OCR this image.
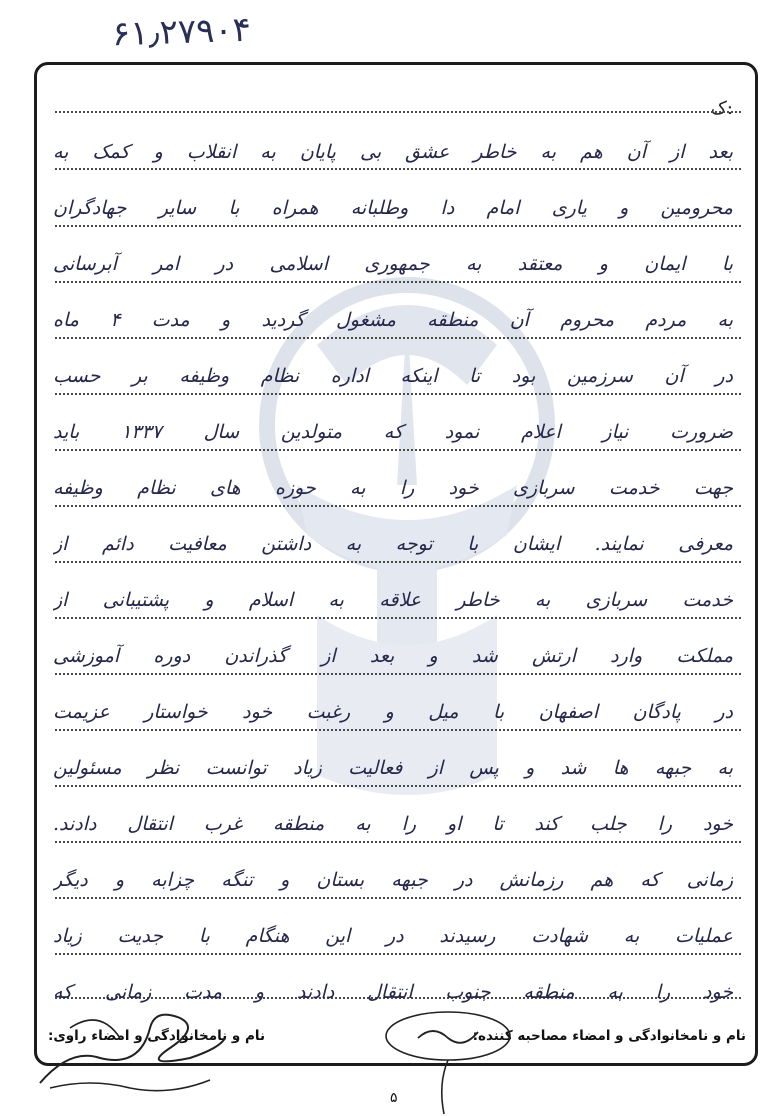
۶۱٫۲۷۹۰۴
ک:
بعد از آن هم به خاطر عشق بی پایان به انقلاب و کمک به
محرومین و یاری امام دا وطلبانه همراه با سایر جهادگران
با ایمان و معتقد به جمهوری اسلامی در امر آبرسانی
به مردم محروم آن منطقه مشغول گردید و مدت ۴ ماه
در آن سرزمین بود تا اینکه اداره نظام وظیفه بر حسب
ضرورت نیاز اعلام نمود که متولدین سال ۱۳۳۷ باید
جهت خدمت سربازی خود را به حوزه های نظام وظیفه
معرفی نمایند. ایشان با توجه به داشتن معافیت دائم از
خدمت سربازی به خاطر علاقه به اسلام و پشتیبانی از
مملکت وارد ارتش شد و بعد از گذراندن دوره آموزشی
در پادگان اصفهان با میل و رغبت خود خواستار عزیمت
به جبهه ها شد و پس از فعالیت زیاد توانست نظر مسئولین
خود را جلب کند تا او را به منطقه غرب انتقال دادند.
زمانی که هم رزمانش در جبهه بستان و تنگه چزابه و دیگر
عملیات به شهادت رسیدند در این هنگام با جدیت زیاد
خود را به منطقه جنوب انتقال دادند و مدت زمانی که
نام و نامخانوادگی و امضاء مصاحبه کننده:
نام و نامخانوادگی و امضاء راوی:
۵
